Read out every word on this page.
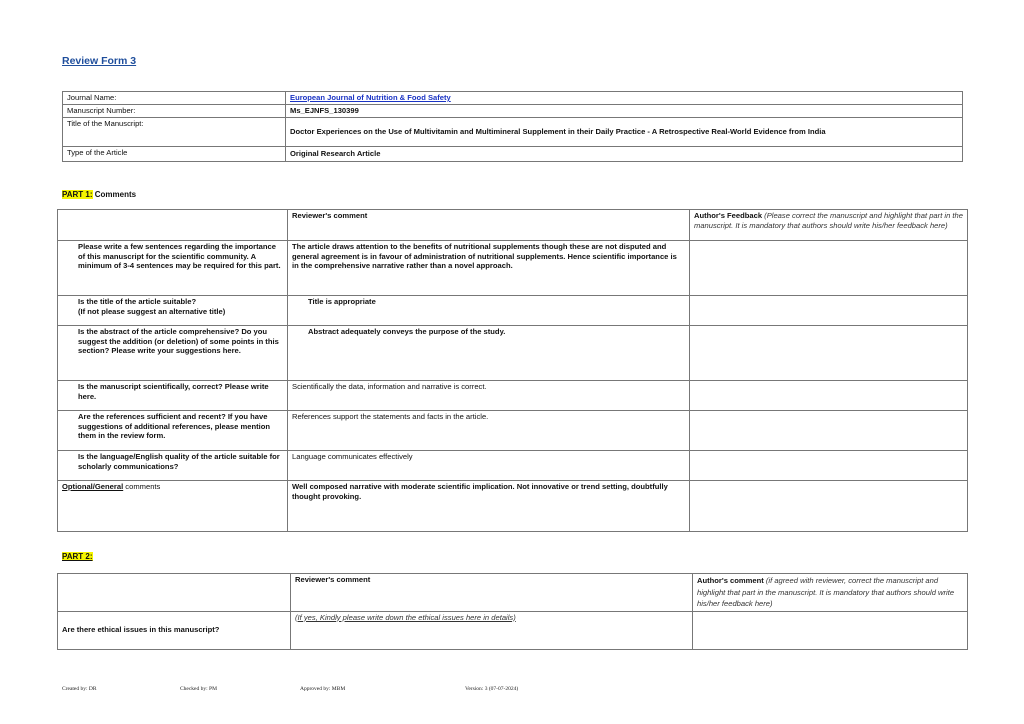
Review Form 3
Journal Name:	European Journal of Nutrition & Food Safety
Manuscript Number:	Ms_EJNFS_130399
Title of the Manuscript:	Doctor Experiences on the Use of Multivitamin and Multimineral Supplement in their Daily Practice - A Retrospective Real-World Evidence from India
Type of the Article	Original Research Article
PART 1: Comments
	Reviewer's comment	Author's Feedback (Please correct the manuscript and highlight that part in the manuscript. It is mandatory that authors should write his/her feedback here)
Please write a few sentences regarding the importance of this manuscript for the scientific community. A minimum of 3-4 sentences may be required for this part.	The article draws attention to the benefits of nutritional supplements though these are not disputed and general agreement is in favour of administration of nutritional supplements. Hence scientific importance is in the comprehensive narrative rather than a novel approach.	
Is the title of the article suitable?
(If not please suggest an alternative title)	Title is appropriate	
Is the abstract of the article comprehensive? Do you suggest the addition (or deletion) of some points in this section? Please write your suggestions here.	Abstract adequately conveys the purpose of the study.	
Is the manuscript scientifically, correct? Please write here.	Scientifically the data, information and narrative is correct.	
Are the references sufficient and recent? If you have suggestions of additional references, please mention them in the review form.	References support the statements and facts in the article.	
Is the language/English quality of the article suitable for scholarly communications?	Language communicates effectively	
Optional/General comments	Well composed narrative with moderate scientific implication. Not innovative or trend setting, doubtfully thought provoking.	
PART 2:
	Reviewer's comment	Author's comment (if agreed with reviewer, correct the manuscript and highlight that part in the manuscript. It is mandatory that authors should write his/her feedback here)
Are there ethical issues in this manuscript?	(If yes, Kindly please write down the ethical issues here in details)	
Created by: DR	Checked by: PM	Approved by: MBM	Version: 3 (07-07-2024)
